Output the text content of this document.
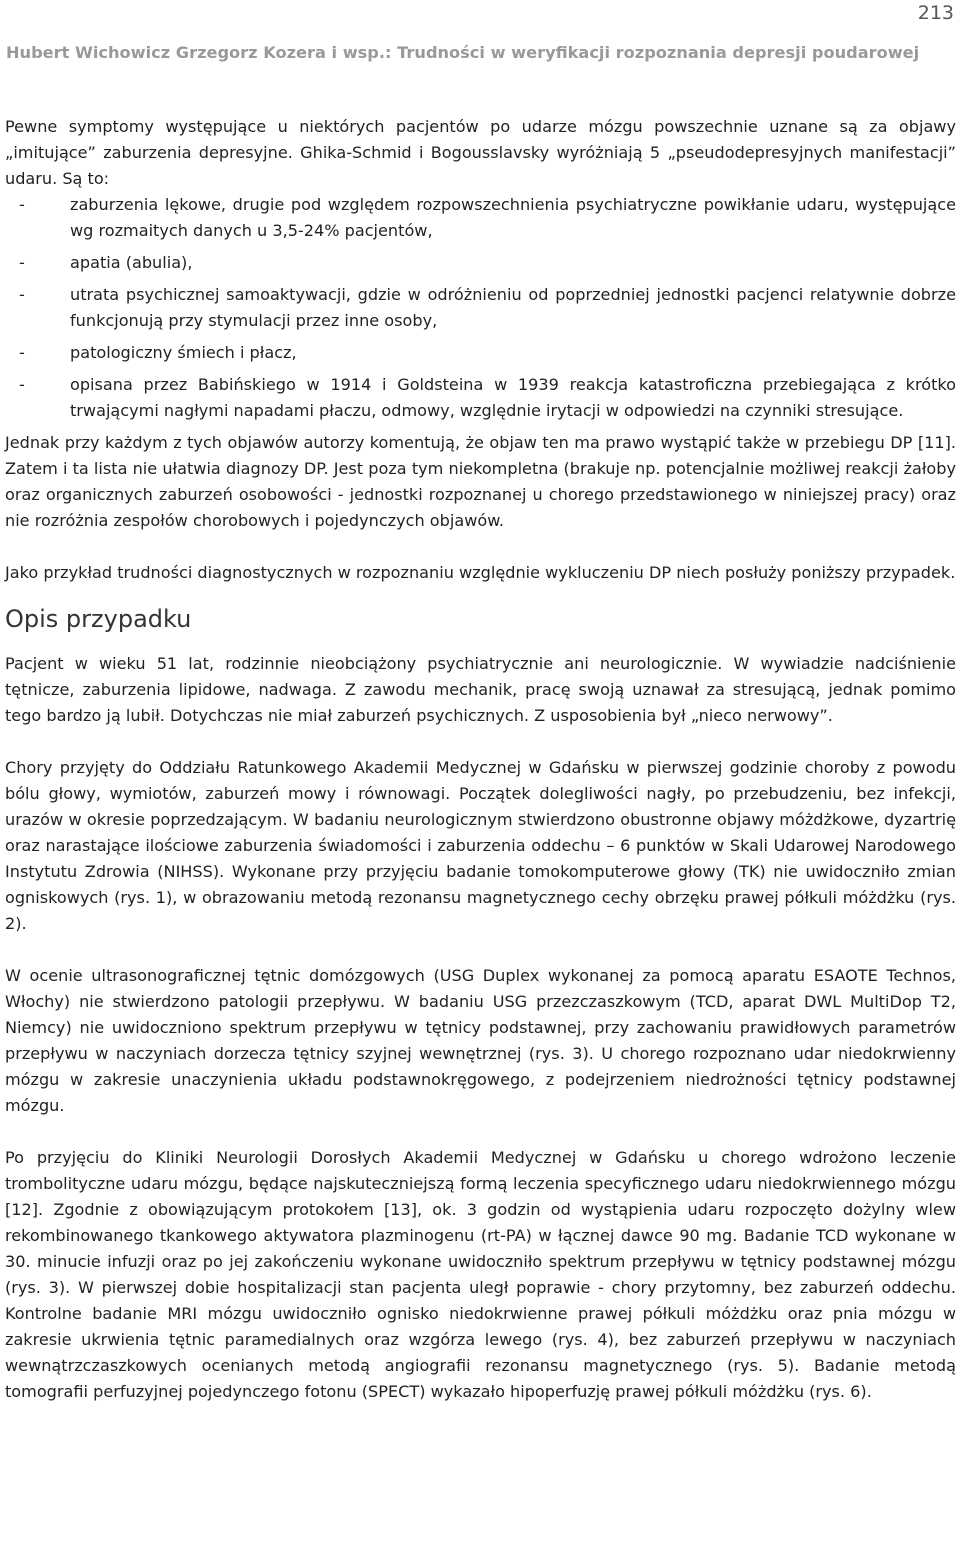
213
Hubert Wichowicz Grzegorz Kozera i wsp.: Trudności w weryfikacji rozpoznania depresji poudarowej

Pewne symptomy występujące u niektórych pacjentów po udarze mózgu powszechnie uznane są za objawy „imitujące” zaburzenia depresyjne. Ghika-Schmid i Bogousslavsky wyróżniają 5 „pseudodepresyjnych manifestacji” udaru. Są to:

-	zaburzenia lękowe, drugie pod względem rozpowszechnienia psychiatryczne powikłanie udaru, występujące wg rozmaitych danych u 3,5-24% pacjentów,
-	apatia (abulia),
-	utrata psychicznej samoaktywacji, gdzie w odróżnieniu od poprzedniej jednostki pacjenci relatywnie dobrze funkcjonują przy stymulacji przez inne osoby,
-	patologiczny śmiech i płacz,
-	opisana przez Babińskiego w 1914 i Goldsteina w 1939 reakcja katastroficzna przebiegająca z krótko trwającymi nagłymi napadami płaczu, odmowy, względnie irytacji w odpowiedzi na czynniki stresujące.

Jednak przy każdym z tych objawów autorzy komentują, że objaw ten ma prawo wystąpić także w przebiegu DP [11]. Zatem i ta lista nie ułatwia diagnozy DP. Jest poza tym niekompletna (brakuje np. potencjalnie możliwej reakcji żałoby oraz organicznych zaburzeń osobowości - jednostki rozpoznanej u chorego przedstawionego w niniejszej pracy) oraz nie rozróżnia zespołów chorobowych i pojedynczych objawów.

Jako przykład trudności diagnostycznych w rozpoznaniu względnie wykluczeniu DP niech posłuży poniższy przypadek.

Opis przypadku

Pacjent w wieku 51 lat, rodzinnie nieobciążony psychiatrycznie ani neurologicznie. W wywiadzie nadciśnienie tętnicze, zaburzenia lipidowe, nadwaga. Z zawodu mechanik, pracę swoją uznawał za stresującą, jednak pomimo tego bardzo ją lubił. Dotychczas nie miał zaburzeń psychicznych. Z usposobienia był „nieco nerwowy”.

Chory przyjęty do Oddziału Ratunkowego Akademii Medycznej w Gdańsku w pierwszej godzinie choroby z powodu bólu głowy, wymiotów, zaburzeń mowy i równowagi. Początek dolegliwości nagły, po przebudzeniu, bez infekcji, urazów w okresie poprzedzającym. W badaniu neurologicznym stwierdzono obustronne objawy móżdżkowe, dyzartrię oraz narastające ilościowe zaburzenia świadomości i zaburzenia oddechu – 6 punktów w Skali Udarowej Narodowego Instytutu Zdrowia (NIHSS). Wykonane przy przyjęciu badanie tomokomputerowe głowy (TK) nie uwidoczniło zmian ogniskowych (rys. 1), w obrazowaniu metodą rezonansu magnetycznego cechy obrzęku prawej półkuli móżdżku (rys. 2).

W ocenie ultrasonograficznej tętnic domózgowych (USG Duplex wykonanej za pomocą aparatu ESAOTE Technos, Włochy) nie stwierdzono patologii przepływu. W badaniu USG przezczaszkowym (TCD, aparat DWL MultiDop T2, Niemcy) nie uwidoczniono spektrum przepływu w tętnicy podstawnej, przy zachowaniu prawidłowych parametrów przepływu w naczyniach dorzecza tętnicy szyjnej wewnętrznej (rys. 3). U chorego rozpoznano udar niedokrwienny mózgu w zakresie unaczynienia układu podstawnokręgowego, z podejrzeniem niedrożności tętnicy podstawnej mózgu.

Po przyjęciu do Kliniki Neurologii Dorosłych Akademii Medycznej w Gdańsku u chorego wdrożono leczenie trombolityczne udaru mózgu, będące najskuteczniejszą formą leczenia specyficznego udaru niedokrwiennego mózgu [12]. Zgodnie z obowiązującym protokołem [13], ok. 3 godzin od wystąpienia udaru rozpoczęto dożylny wlew rekombinowanego tkankowego aktywatora plazminogenu (rt-PA) w łącznej dawce 90 mg. Badanie TCD wykonane w 30. minucie infuzji oraz po jej zakończeniu wykonane uwidoczniło spektrum przepływu w tętnicy podstawnej mózgu (rys. 3). W pierwszej dobie hospitalizacji stan pacjenta uległ poprawie - chory przytomny, bez zaburzeń oddechu. Kontrolne badanie MRI mózgu uwidoczniło ognisko niedokrwienne prawej półkuli móżdżku oraz pnia mózgu w zakresie ukrwienia tętnic paramedialnych oraz wzgórza lewego (rys. 4), bez zaburzeń przepływu w naczyniach wewnątrzczaszkowych ocenianych metodą angiografii rezonansu magnetycznego (rys. 5). Badanie metodą tomografii perfuzyjnej pojedynczego fotonu (SPECT) wykazało hipoperfuzję prawej półkuli móżdżku (rys. 6).
